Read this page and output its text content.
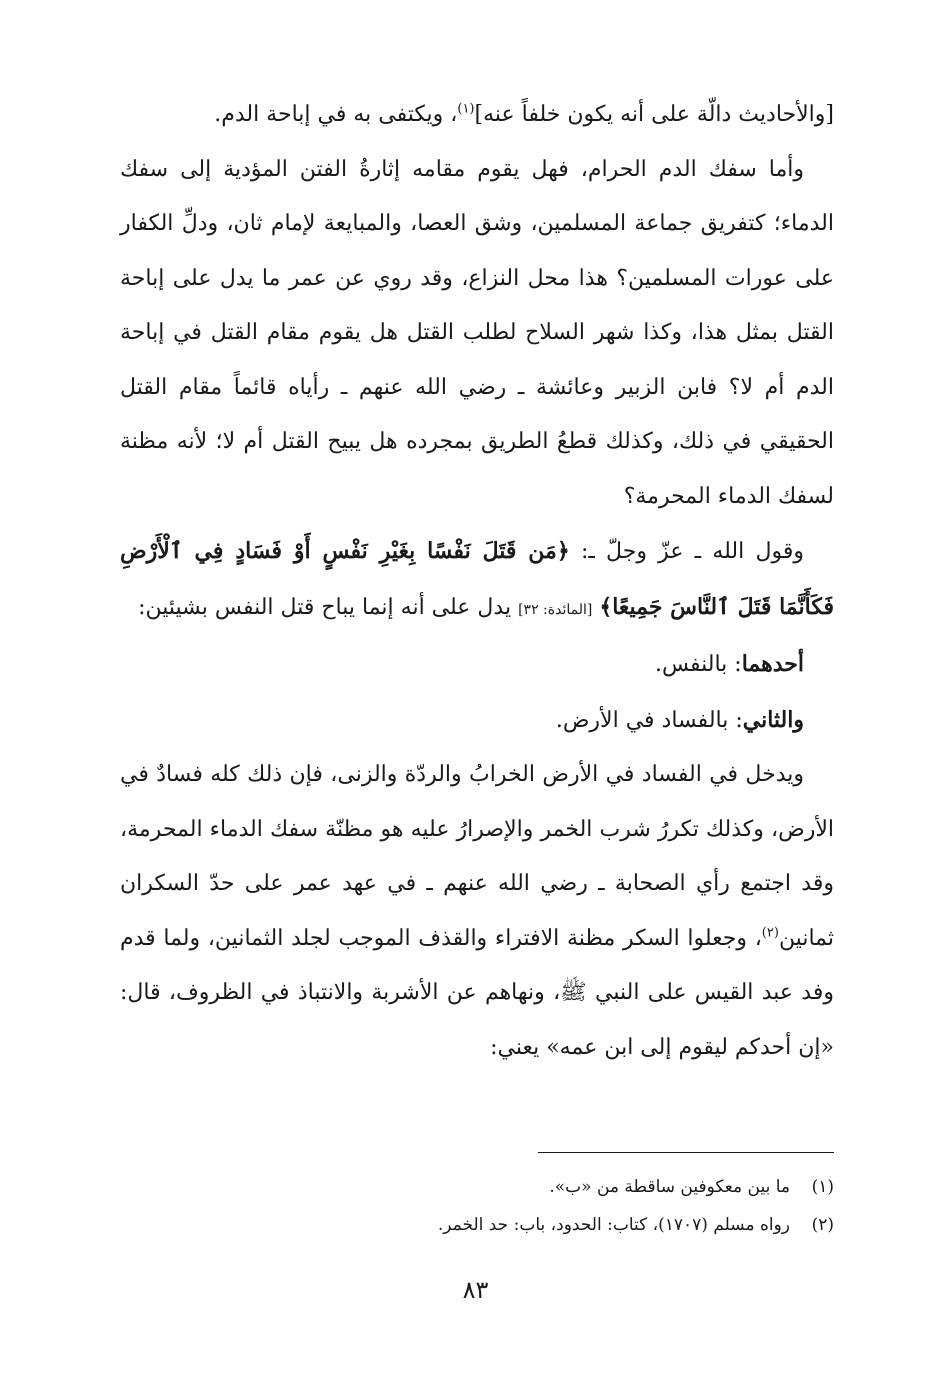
[والأحاديث دالّة على أنه يكون خلفاً عنه]$^{(١)}$، ويكتفى به في إباحة الدم.

وأما سفك الدم الحرام، فهل يقوم مقامه إثارةُ الفتن المؤدية إلى سفك الدماء؛ كتفريق جماعة المسلمين، وشق العصا، والمبايعة لإمام ثان، ودلِّ الكفار على عورات المسلمين؟ هذا محل النزاع، وقد روي عن عمر ما يدل على إباحة القتل بمثل هذا، وكذا شهر السلاح لطلب القتل هل يقوم مقام القتل في إباحة الدم أم لا؟ فابن الزبير وعائشة ـ رضي الله عنهم ـ رأياه قائماً مقام القتل الحقيقي في ذلك، وكذلك قطعُ الطريق بمجرده هل يبيح القتل أم لا؛ لأنه مظنة لسفك الدماء المحرمة؟

وقول الله ـ عزّ وجلّ ـ: ﴿مَن قَتَلَ نَفْسًا بِغَيْرِ نَفْسٍ أَوْ فَسَادٍ فِي ٱلْأَرْضِ فَكَأَنَّمَا قَتَلَ ٱلنَّاسَ جَمِيعًا﴾ [المائدة: ٣٢] يدل على أنه إنما يباح قتل النفس بشيئين:

أحدهما: بالنفس.

والثاني: بالفساد في الأرض.

ويدخل في الفساد في الأرض الخرابُ والردّة والزنى، فإن ذلك كله فسادٌ في الأرض، وكذلك تكررُ شرب الخمر والإصرارُ عليه هو مظنّة سفك الدماء المحرمة، وقد اجتمع رأي الصحابة ـ رضي الله عنهم ـ في عهد عمر على حدّ السكران ثمانين$^{(٢)}$، وجعلوا السكر مظنة الافتراء والقذف الموجب لجلد الثمانين، ولما قدم وفد عبد القيس على النبي ﷺ، ونهاهم عن الأشربة والانتباذ في الظروف، قال: «إن أحدكم ليقوم إلى ابن عمه» يعني:

(١)ما بين معكوفين ساقطة من «ب».

(٢)رواه مسلم (١٧٠٧)، كتاب: الحدود، باب: حد الخمر.

٨٣
